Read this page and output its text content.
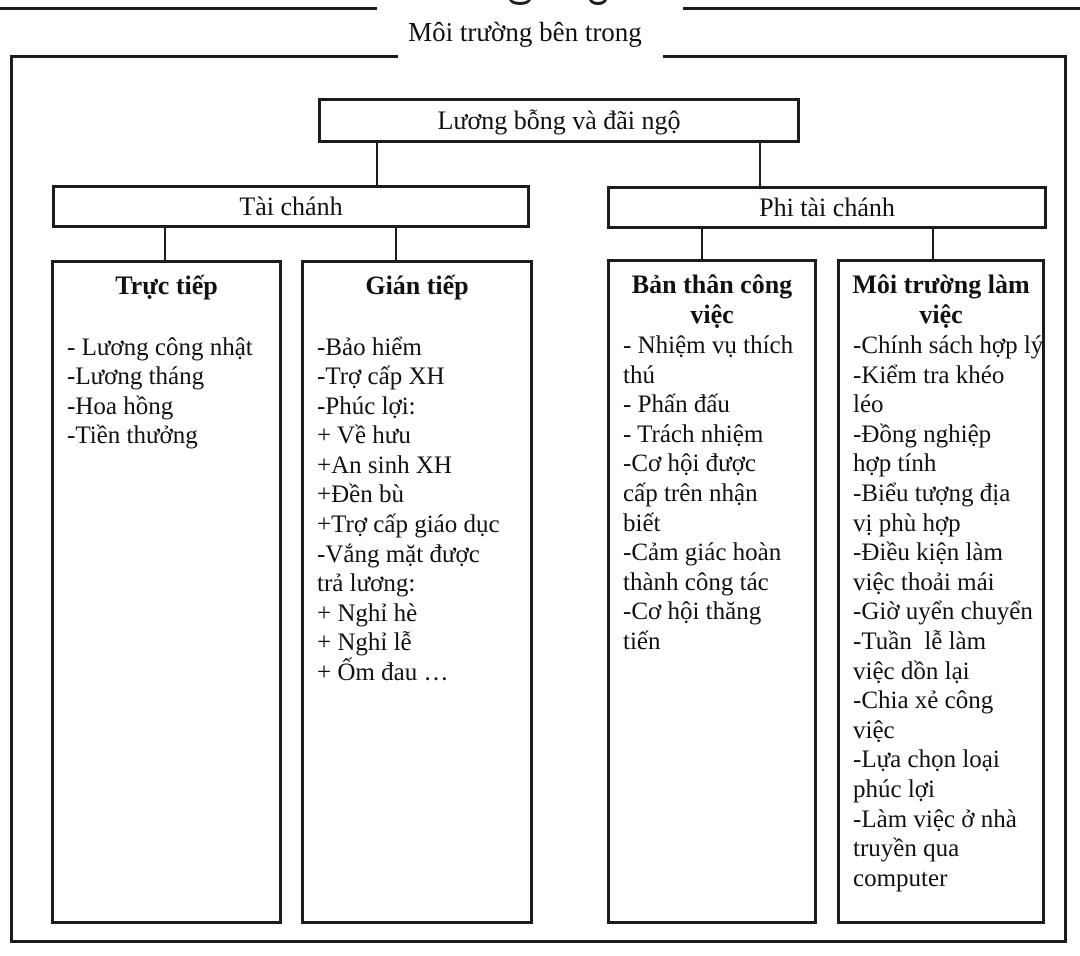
Môi trường bên trong
Lương bỗng và đãi ngộ
Tài chánh	Phi tài chánh
Trực tiếp
- Lương công nhật
-Lương tháng
-Hoa hồng
-Tiền thưởng
Gián tiếp
-Bảo hiểm
-Trợ cấp XH
-Phúc lợi:
+ Về hưu
+An sinh XH
+Đền bù
+Trợ cấp giáo dục
-Vắng mặt được
trả lương:
+ Nghỉ hè
+ Nghỉ lễ
+ Ốm đau …
Bản thân công
việc
- Nhiệm vụ thích
thú
- Phấn đấu
- Trách nhiệm
-Cơ hội được
cấp trên nhận
biết
-Cảm giác hoàn
thành công tác
-Cơ hội thăng
tiến
Môi trường làm
việc
-Chính sách hợp lý
-Kiểm tra khéo
léo
-Đồng nghiệp
hợp tính
-Biểu tượng địa
vị phù hợp
-Điều kiện làm
việc thoải mái
-Giờ uyển chuyển
-Tuần  lễ làm
việc dồn lại
-Chia xẻ công
việc
-Lựa chọn loại
phúc lợi
-Làm việc ở nhà
truyền qua
computer
